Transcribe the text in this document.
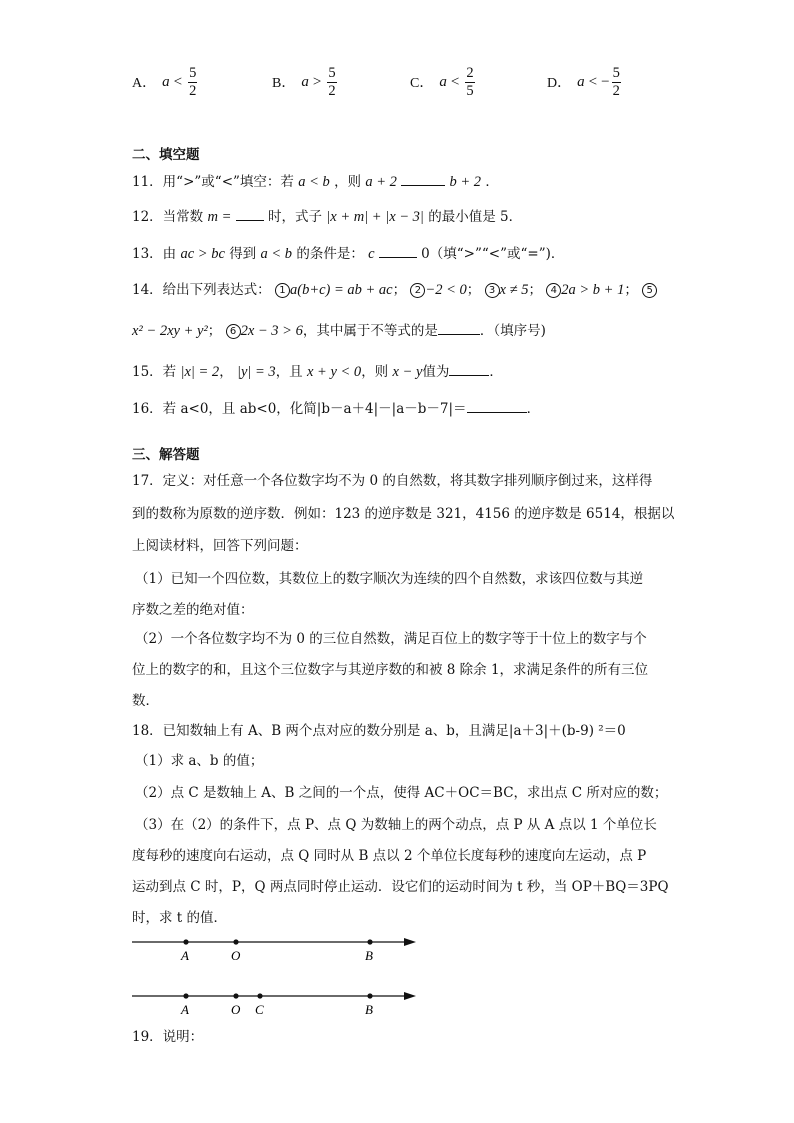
A． $a < \frac{5}{2}$	B． $a > \frac{5}{2}$	C． $a < \frac{2}{5}$	D． a < − $\frac{5}{2}$
二、填空题
11．用“>”或“<”填空：若 a < b ，则 a + 2	b + 2 ．
12．当常数 m =	时，式子 |x + m| + |x − 3| 的最小值是 5．
13．由 ac > bc 得到 a < b 的条件是： c	0（填“>”“<”或“=”)．
14．给出下列表达式： 1 a(b+c) = ab + ac； 2 −2 < 0； 3 x ≠ 5； 4 2a > b + 1； 5
x² − 2xy + y²； 6 2x − 3 > 6，其中属于不等式的是	．（填序号)
15．若 |x| = 2， |y| = 3，且 x + y < 0，则 x − y值为	．
16．若 a<0，且 ab<0，化简|b－a＋4|－|a－b－7|＝	．
三、解答题
17．定义：对任意一个各位数字均不为 0 的自然数，将其数字排列顺序倒过来，这样得
到的数称为原数的逆序数．例如：123 的逆序数是 321，4156 的逆序数是 6514，根据以
上阅读材料，回答下列问题：
（1）已知一个四位数，其数位上的数字顺次为连续的四个自然数，求该四位数与其逆
序数之差的绝对值：
（2）一个各位数字均不为 0 的三位自然数，满足百位上的数字等于十位上的数字与个
位上的数字的和，且这个三位数字与其逆序数的和被 8 除余 1，求满足条件的所有三位
数．
18．已知数轴上有 A、B 两个点对应的数分别是 a、b，且满足|a＋3|＋(b-9) ²＝0
（1）求 a、b 的值；
（2）点 C 是数轴上 A、B 之间的一个点，使得 AC＋OC＝BC，求出点 C 所对应的数；
（3）在（2）的条件下，点 P、点 Q 为数轴上的两个动点，点 P 从 A 点以 1 个单位长
度每秒的速度向右运动，点 Q 同时从 B 点以 2 个单位长度每秒的速度向左运动，点 P
运动到点 C 时，P，Q 两点同时停止运动．设它们的运动时间为 t 秒，当 OP＋BQ＝3PQ
时，求 t 的值．
A	O	B
A	O C	B
19．说明：
